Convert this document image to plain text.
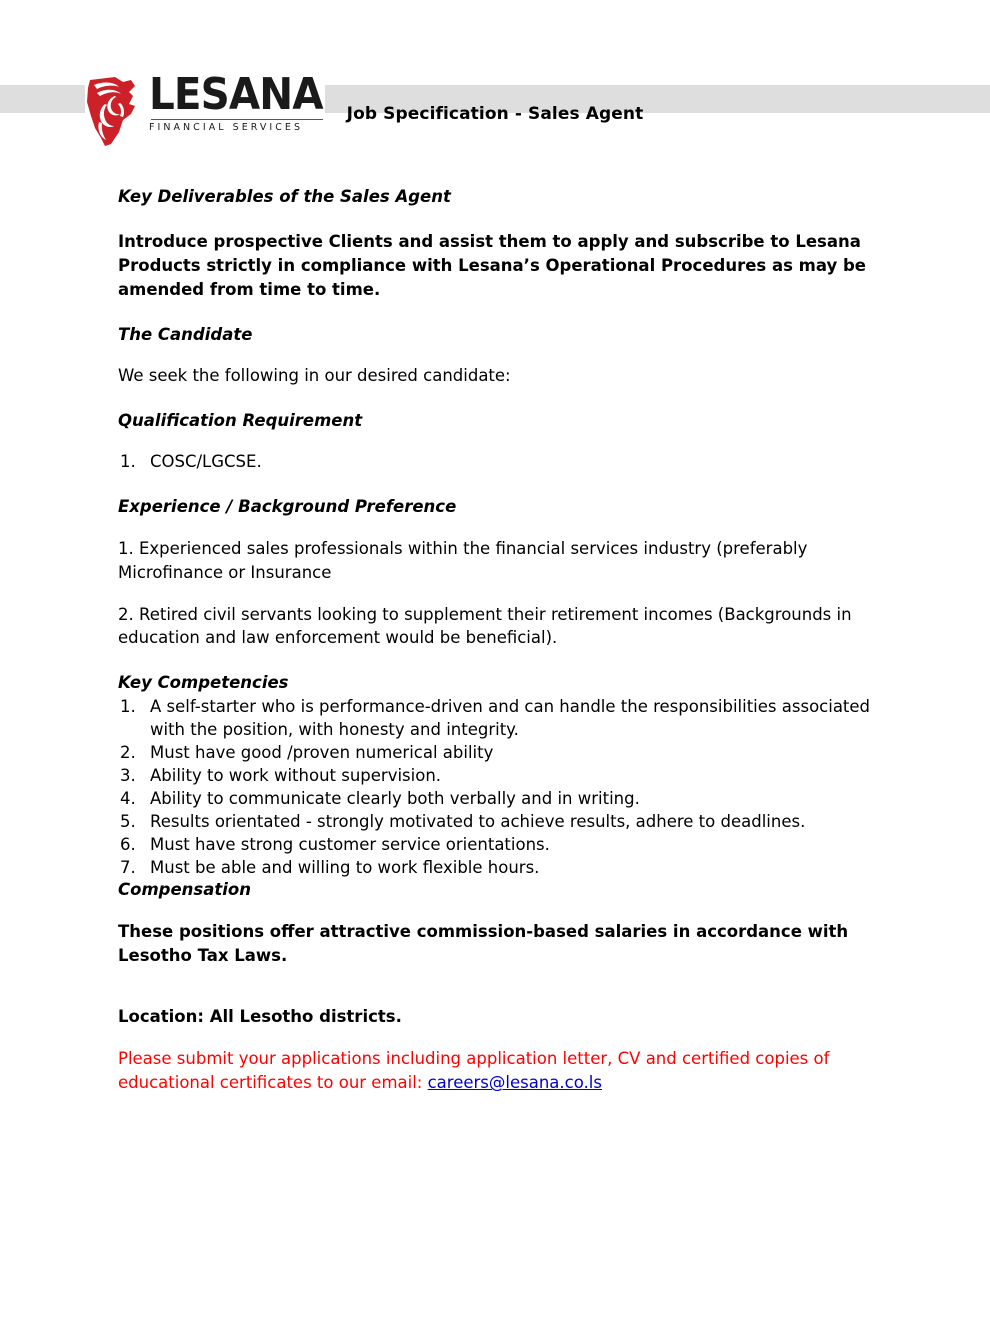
LESANA
FINANCIAL SERVICES
Job Specification - Sales Agent

Key Deliverables of the Sales Agent

Introduce prospective Clients and assist them to apply and subscribe to Lesana Products strictly in compliance with Lesana’s Operational Procedures as may be amended from time to time.

The Candidate

We seek the following in our desired candidate:

Qualification Requirement

1. COSC/LGCSE.

Experience / Background Preference

1. Experienced sales professionals within the financial services industry (preferably Microfinance or Insurance

2. Retired civil servants looking to supplement their retirement incomes (Backgrounds in education and law enforcement would be beneficial).

Key Competencies

1. A self-starter who is performance-driven and can handle the responsibilities associated with the position, with honesty and integrity.
2. Must have good /proven numerical ability
3. Ability to work without supervision.
4. Ability to communicate clearly both verbally and in writing.
5. Results orientated - strongly motivated to achieve results, adhere to deadlines.
6. Must have strong customer service orientations.
7. Must be able and willing to work flexible hours.

Compensation

These positions offer attractive commission-based salaries in accordance with Lesotho Tax Laws.

Location: All Lesotho districts.

Please submit your applications including application letter, CV and certified copies of educational certificates to our email: careers@lesana.co.ls
